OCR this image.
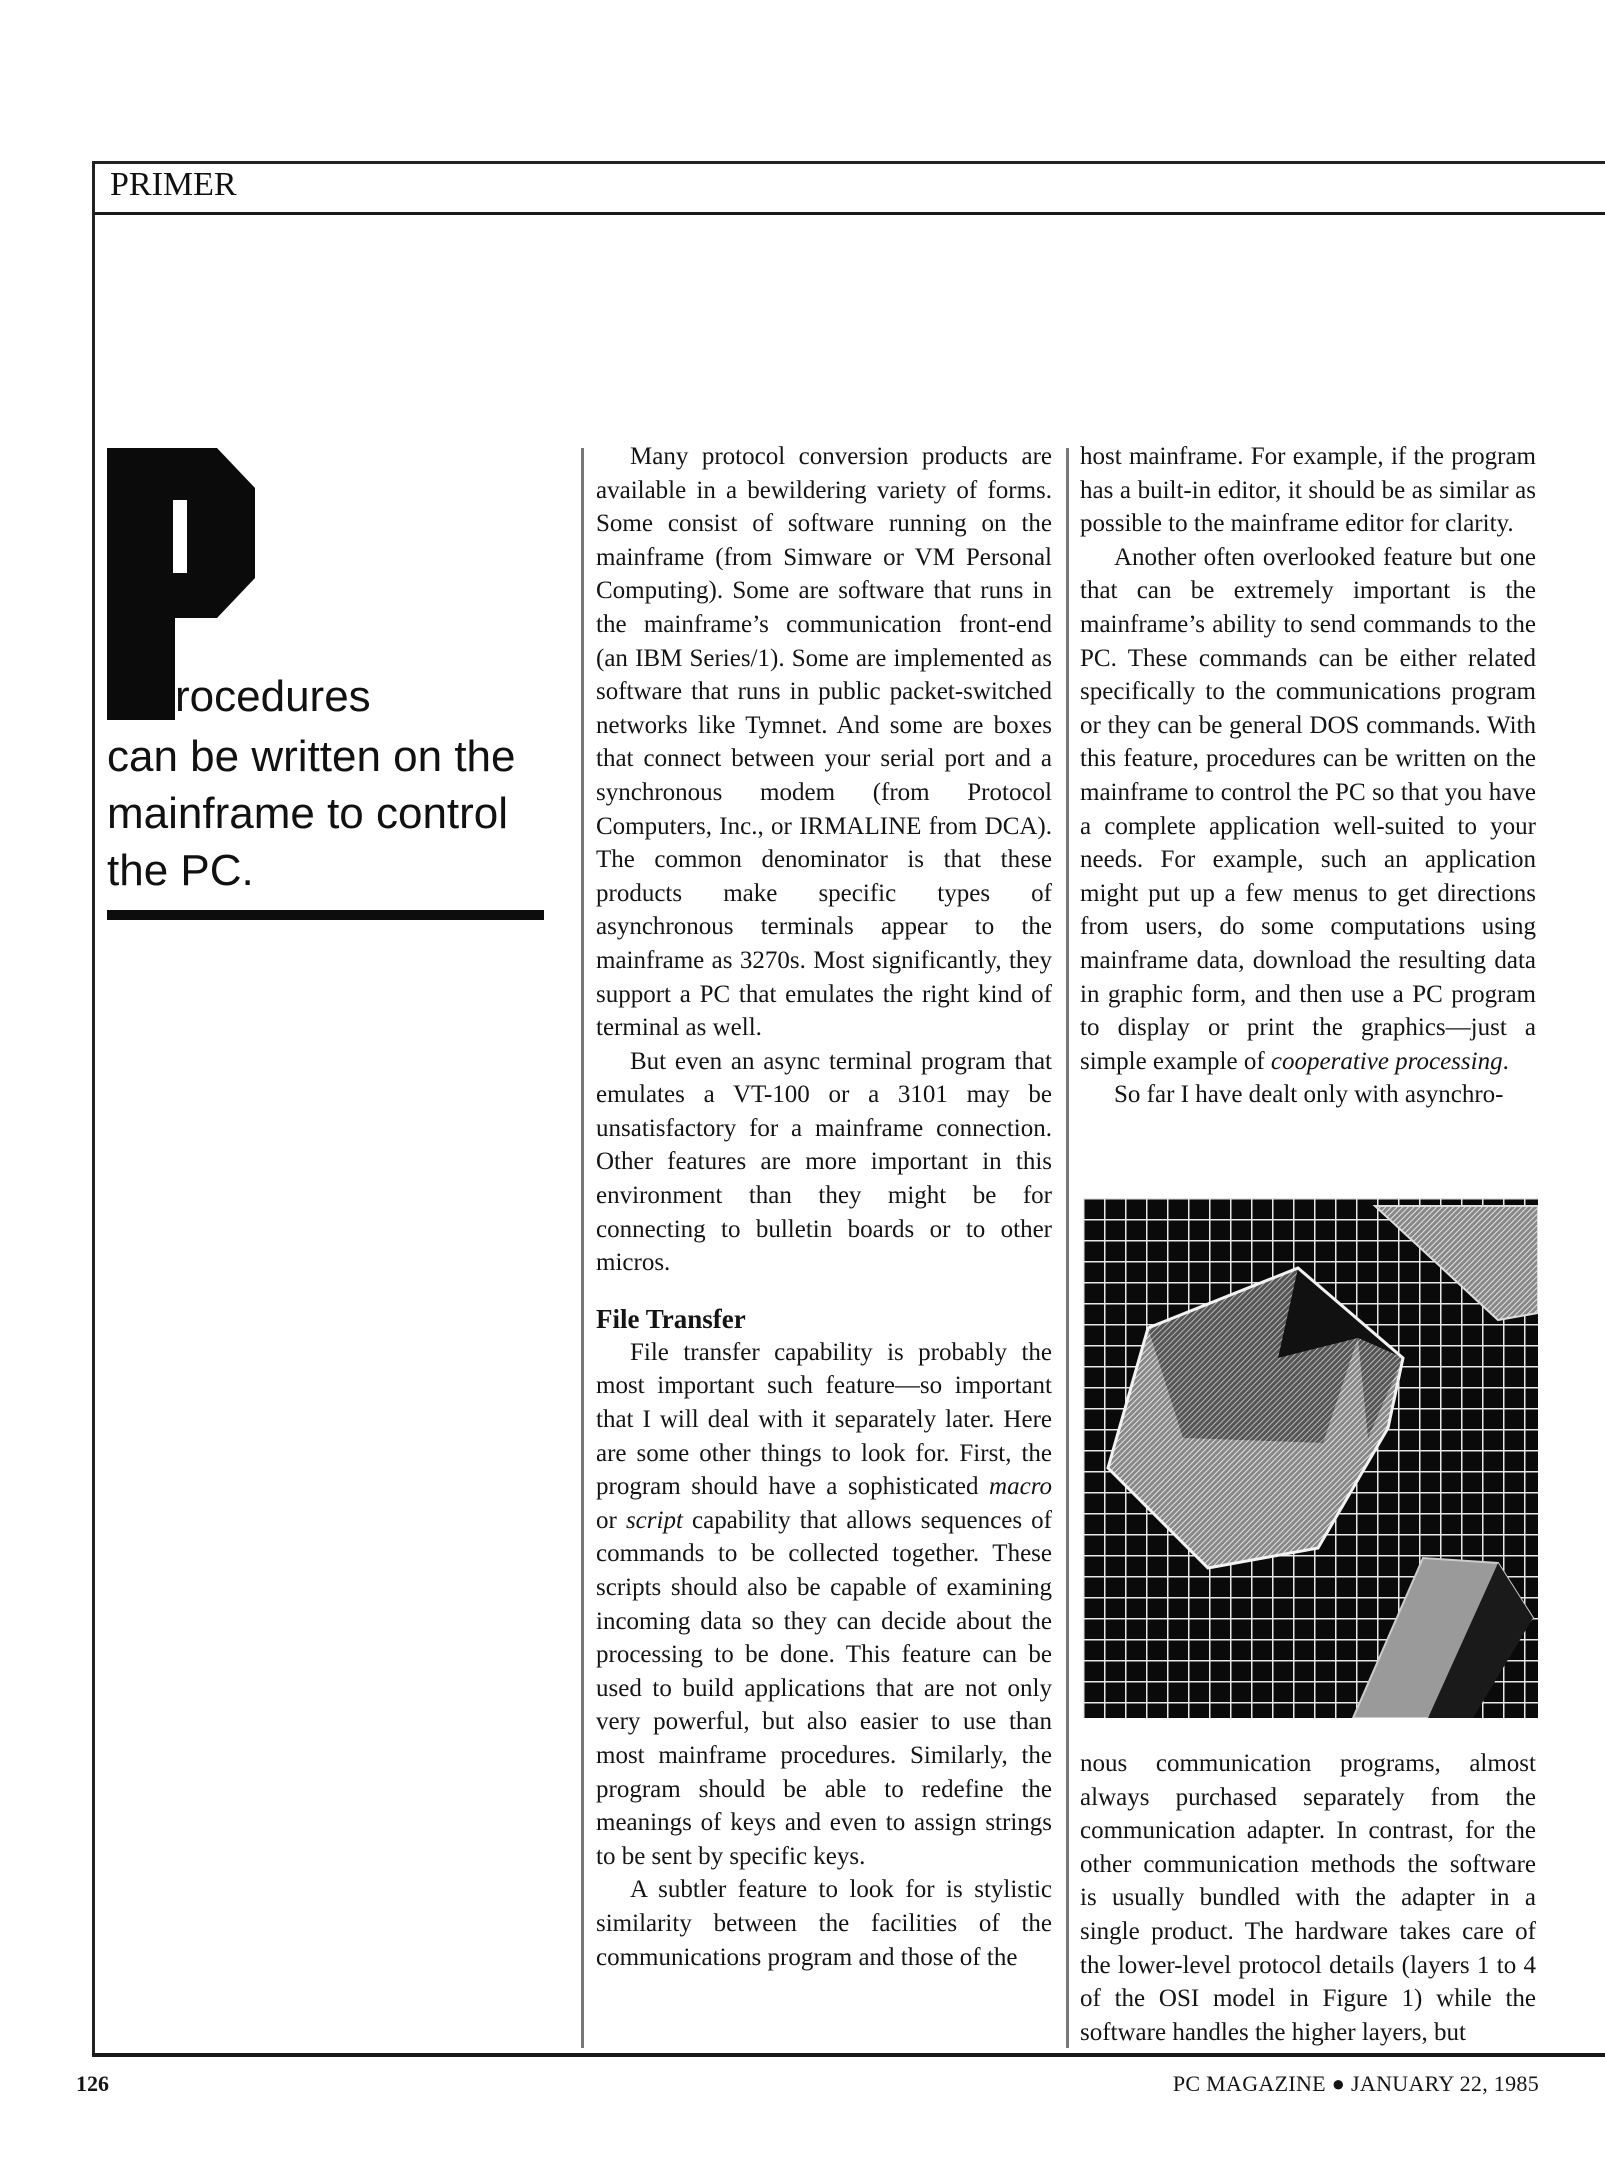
PRIMER
rocedures
can be written on the mainframe to control the PC.

Many protocol conversion products are available in a bewildering variety of forms. Some consist of software running on the mainframe (from Simware or VM Personal Computing). Some are software that runs in the mainframe’s communication front-end (an IBM Series/1). Some are implemented as software that runs in public packet-switched networks like Tymnet. And some are boxes that connect between your serial port and a synchronous modem (from Protocol Computers, Inc., or IRMALINE from DCA). The common denominator is that these products make specific types of asynchronous terminals appear to the mainframe as 3270s. Most significantly, they support a PC that emulates the right kind of terminal as well.

But even an async terminal program that emulates a VT-100 or a 3101 may be unsatisfactory for a mainframe connection. Other features are more important in this environment than they might be for connecting to bulletin boards or to other micros.

File Transfer

File transfer capability is probably the most important such feature—so important that I will deal with it separately later. Here are some other things to look for. First, the program should have a sophisticated macro or script capability that allows sequences of commands to be collected together. These scripts should also be capable of examining incoming data so they can decide about the processing to be done. This feature can be used to build applications that are not only very powerful, but also easier to use than most mainframe procedures. Similarly, the program should be able to redefine the meanings of keys and even to assign strings to be sent by specific keys.

A subtler feature to look for is stylistic similarity between the facilities of the communications program and those of the

host mainframe. For example, if the program has a built-in editor, it should be as similar as possible to the mainframe editor for clarity.

Another often overlooked feature but one that can be extremely important is the mainframe’s ability to send commands to the PC. These commands can be either related specifically to the communications program or they can be general DOS commands. With this feature, procedures can be written on the mainframe to control the PC so that you have a complete application well-suited to your needs. For example, such an application might put up a few menus to get directions from users, do some computations using mainframe data, download the resulting data in graphic form, and then use a PC program to display or print the graphics—just a simple example of cooperative processing.

So far I have dealt only with asynchro-

nous communication programs, almost always purchased separately from the communication adapter. In contrast, for the other communication methods the software is usually bundled with the adapter in a single product. The hardware takes care of the lower-level protocol details (layers 1 to 4 of the OSI model in Figure 1) while the software handles the higher layers, but

126	PC MAGAZINE ● JANUARY 22, 1985
